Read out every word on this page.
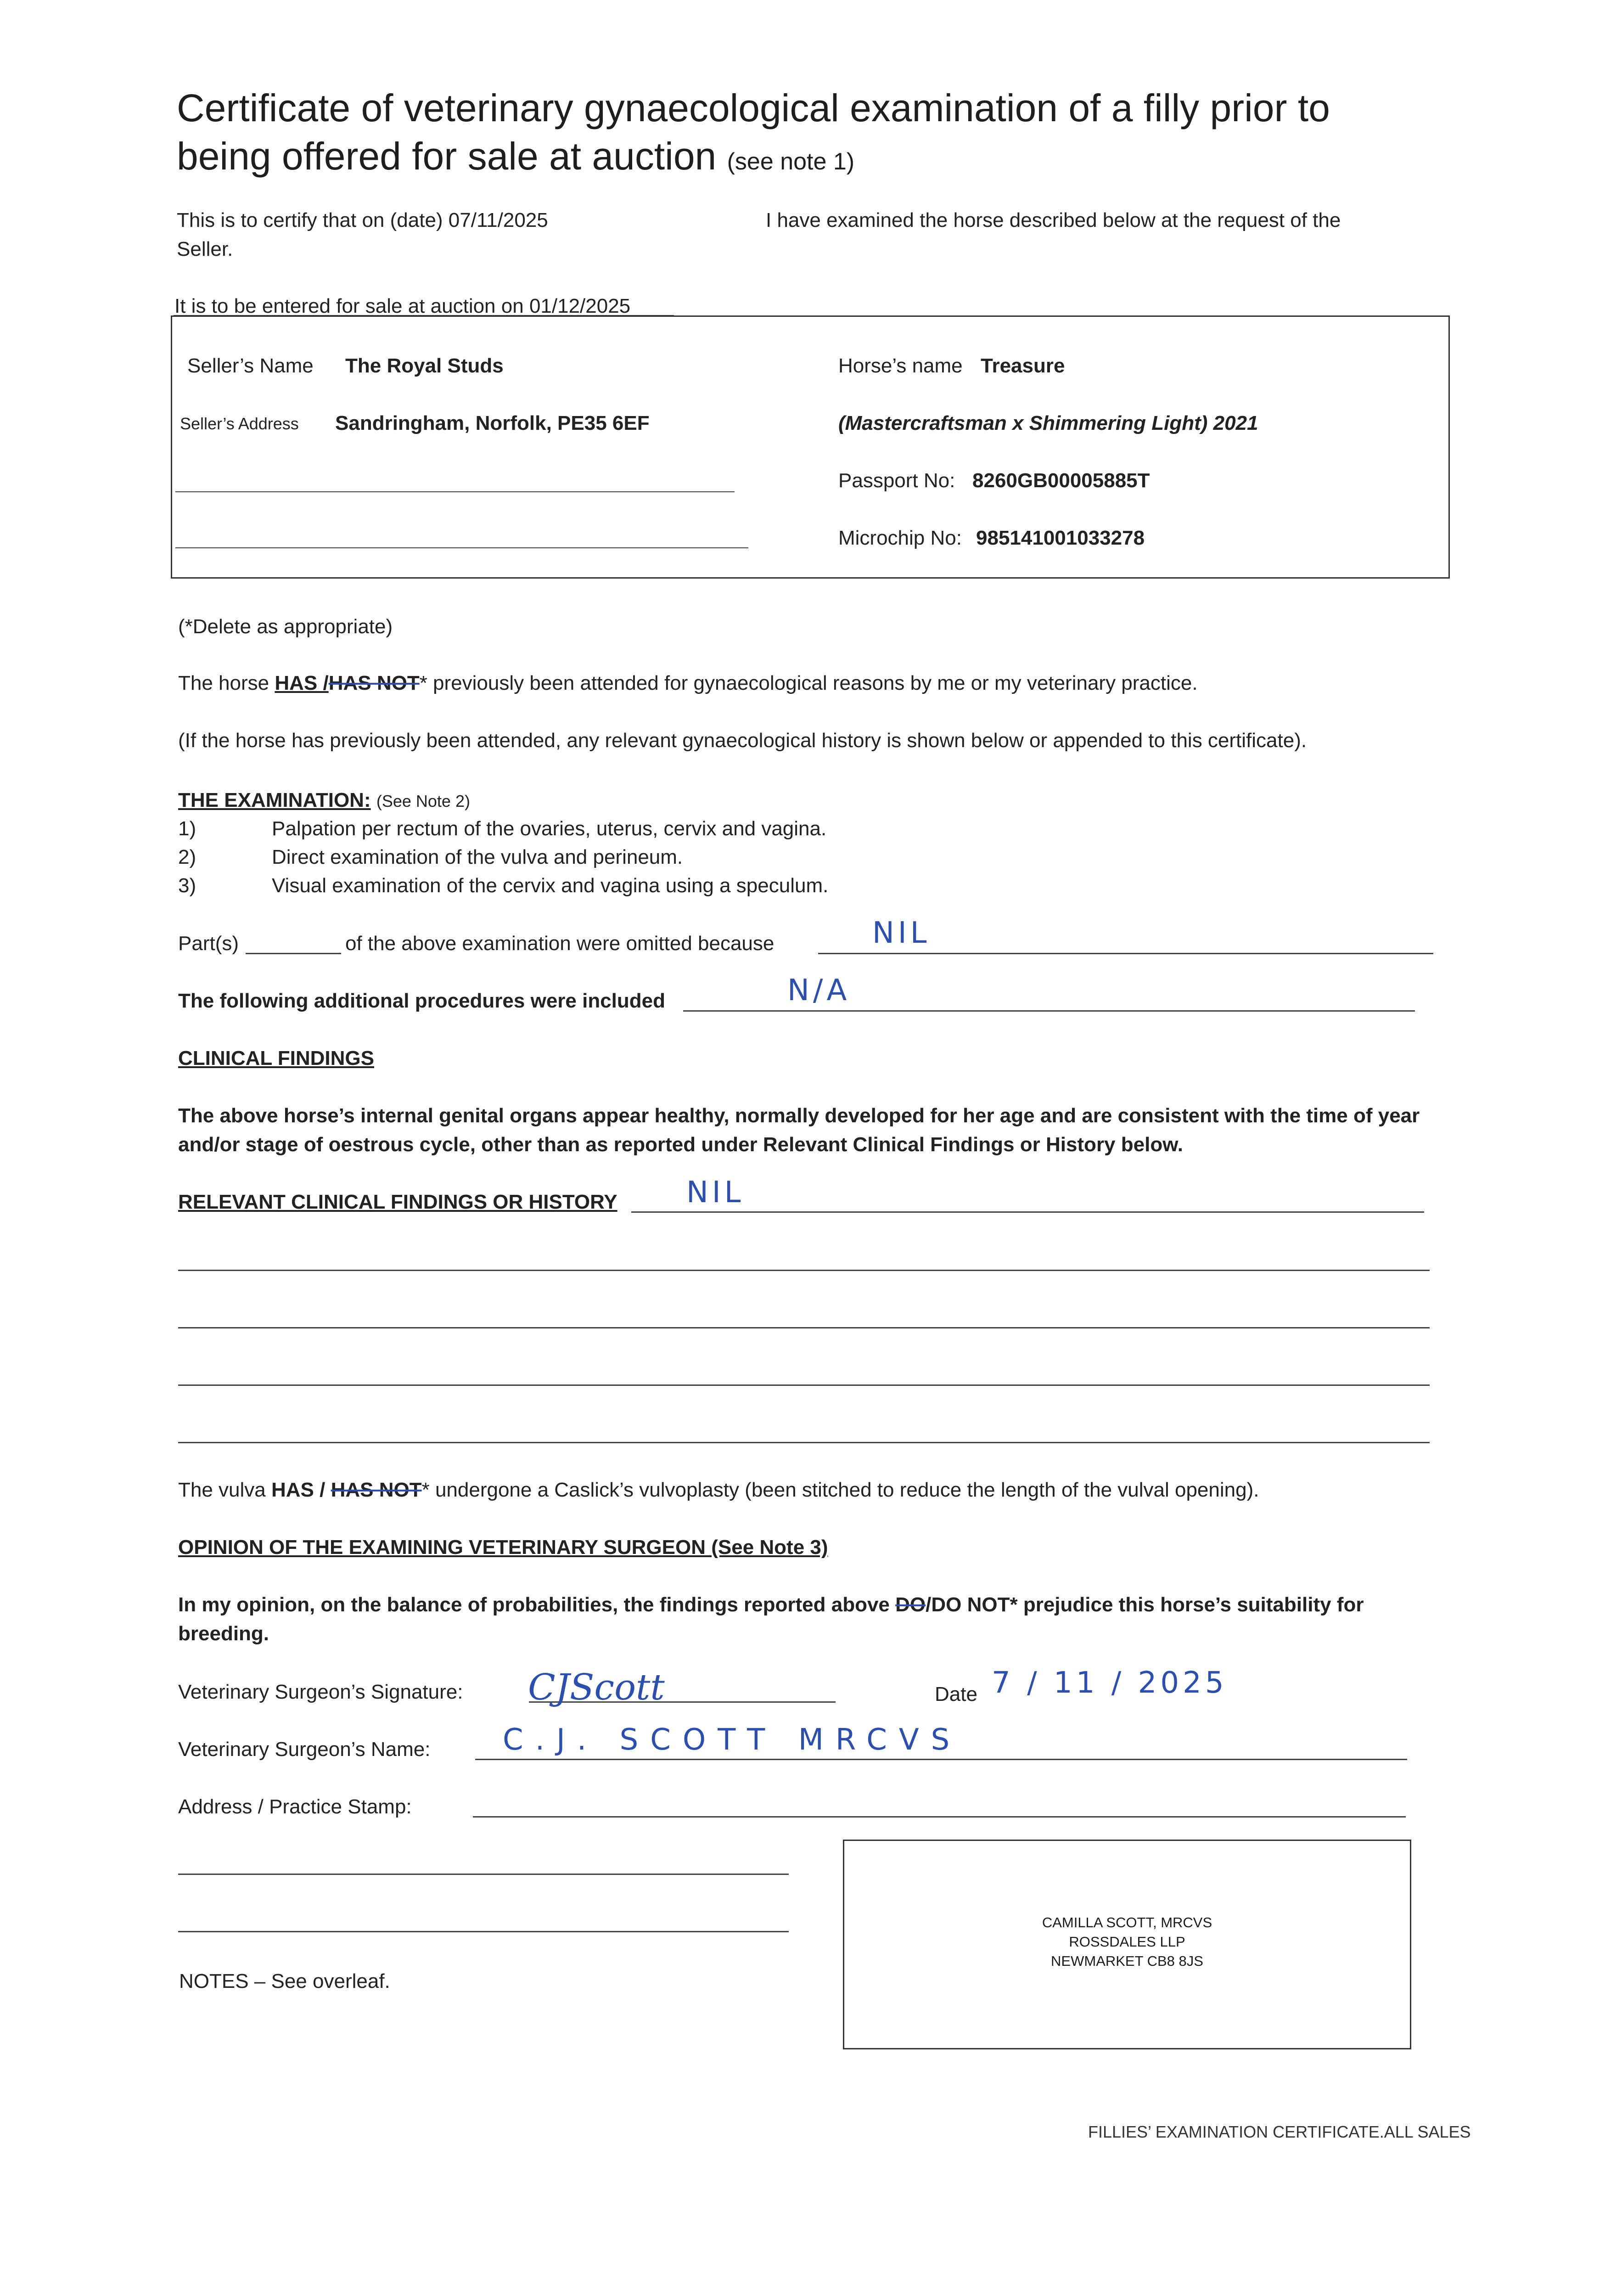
Certificate of veterinary gynaecological examination of a filly prior to
being offered for sale at auction (see note 1)
This is to certify that on (date) 07/11/2025	I have examined the horse described below at the request of the
Seller.
It is to be entered for sale at auction on 01/12/2025
Seller’s Name The Royal Studs
Seller’s Address Sandringham, Norfolk, PE35 6EF
Horse’s name Treasure
(Mastercraftsman x Shimmering Light) 2021
Passport No: 8260GB00005885T
Microchip No: 985141001033278
(*Delete as appropriate)
The horse HAS /HAS NOT* previously been attended for gynaecological reasons by me or my veterinary practice.
(If the horse has previously been attended, any relevant gynaecological history is shown below or appended to this certificate).
THE EXAMINATION: (See Note 2)
1)	Palpation per rectum of the ovaries, uterus, cervix and vagina.
2)	Direct examination of the vulva and perineum.
3)	Visual examination of the cervix and vagina using a speculum.
Part(s)	of the above examination were omitted because	NIL
The following additional procedures were included	N/A
CLINICAL FINDINGS
The above horse’s internal genital organs appear healthy, normally developed for her age and are consistent with the time of year
and/or stage of oestrous cycle, other than as reported under Relevant Clinical Findings or History below.
RELEVANT CLINICAL FINDINGS OR HISTORY NIL
The vulva HAS / HAS NOT* undergone a Caslick’s vulvoplasty (been stitched to reduce the length of the vulval opening).
OPINION OF THE EXAMINING VETERINARY SURGEON (See Note 3)
In my opinion, on the balance of probabilities, the findings reported above DO/DO NOT* prejudice this horse’s suitability for
breeding.
Veterinary Surgeon’s Signature: CJScott	Date 7 / 11 / 2025
Veterinary Surgeon’s Name: C.J. SCOTT MRCVS
Address / Practice Stamp:
CAMILLA SCOTT, MRCVS
ROSSDALES LLP
NEWMARKET CB8 8JS
NOTES – See overleaf.
FILLIES’ EXAMINATION CERTIFICATE.ALL SALES
